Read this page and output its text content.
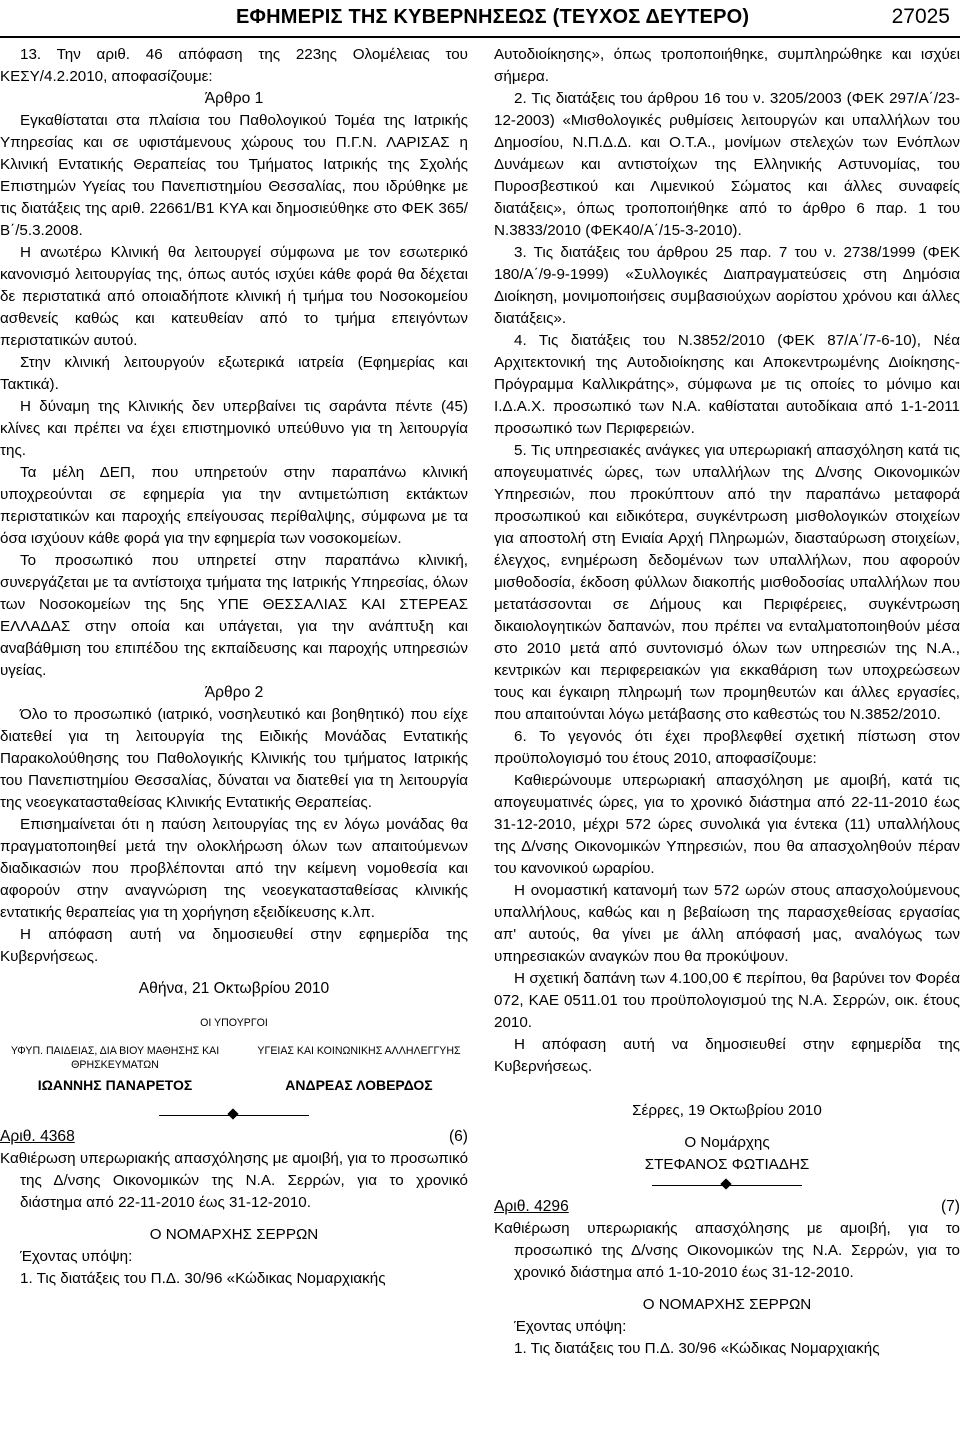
ΕΦΗΜΕΡΙΣ ΤΗΣ ΚΥΒΕΡΝΗΣΕΩΣ (ΤΕΥΧΟΣ ΔΕΥΤΕΡΟ)	27025

13. Την αριθ. 46 απόφαση της 223ης Ολομέλειας του ΚΕΣΥ/4.2.2010, αποφασίζουμε:

Άρθρο 1

Εγκαθίσταται στα πλαίσια του Παθολογικού Τομέα της Ιατρικής Υπηρεσίας και σε υφιστάμενους χώρους του Π.Γ.Ν. ΛΑΡΙΣΑΣ η Κλινική Εντατικής Θεραπείας του Τμήματος Ιατρικής της Σχολής Επιστημών Υγείας του Πανεπιστημίου Θεσσαλίας, που ιδρύθηκε με τις διατάξεις της αριθ. 22661/Β1 ΚΥΑ και δημοσιεύθηκε στο ΦΕΚ 365/Β΄/5.3.2008.

Η ανωτέρω Κλινική θα λειτουργεί σύμφωνα με τον εσωτερικό κανονισμό λειτουργίας της, όπως αυτός ισχύει κάθε φορά θα δέχεται δε περιστατικά από οποιαδήποτε κλινική ή τμήμα του Νοσοκομείου ασθενείς καθώς και κατευθείαν από το τμήμα επειγόντων περιστατικών αυτού.

Στην κλινική λειτουργούν εξωτερικά ιατρεία (Εφημερίας και Τακτικά).

Η δύναμη της Κλινικής δεν υπερβαίνει τις σαράντα πέντε (45) κλίνες και πρέπει να έχει επιστημονικό υπεύθυνο για τη λειτουργία της.

Τα μέλη ΔΕΠ, που υπηρετούν στην παραπάνω κλινική υποχρεούνται σε εφημερία για την αντιμετώπιση εκτάκτων περιστατικών και παροχής επείγουσας περίθαλψης, σύμφωνα με τα όσα ισχύουν κάθε φορά για την εφημερία των νοσοκομείων.

Το προσωπικό που υπηρετεί στην παραπάνω κλινική, συνεργάζεται με τα αντίστοιχα τμήματα της Ιατρικής Υπηρεσίας, όλων των Νοσοκομείων της 5ης ΥΠΕ ΘΕΣΣΑΛΙΑΣ ΚΑΙ ΣΤΕΡΕΑΣ ΕΛΛΑΔΑΣ στην οποία και υπάγεται, για την ανάπτυξη και αναβάθμιση του επιπέδου της εκπαίδευσης και παροχής υπηρεσιών υγείας.

Άρθρο 2

Όλο το προσωπικό (ιατρικό, νοσηλευτικό και βοηθητικό) που είχε διατεθεί για τη λειτουργία της Ειδικής Μονάδας Εντατικής Παρακολούθησης του Παθολογικής Κλινικής του τμήματος Ιατρικής του Πανεπιστημίου Θεσσαλίας, δύναται να διατεθεί για τη λειτουργία της νεοεγκατασταθείσας Κλινικής Εντατικής Θεραπείας.

Επισημαίνεται ότι η παύση λειτουργίας της εν λόγω μονάδας θα πραγματοποιηθεί μετά την ολοκλήρωση όλων των απαιτούμενων διαδικασιών που προβλέπονται από την κείμενη νομοθεσία και αφορούν στην αναγνώριση της νεοεγκατασταθείσας κλινικής εντατικής θεραπείας για τη χορήγηση εξειδίκευσης κ.λπ.

Η απόφαση αυτή να δημοσιευθεί στην εφημερίδα της Κυβερνήσεως.

Αθήνα, 21 Οκτωβρίου 2010
ΟΙ ΥΠΟΥΡΓΟΙ
ΥΦΥΠ. ΠΑΙΔΕΙΑΣ, ΔΙΑ ΒΙΟΥ ΜΑΘΗΣΗΣ ΚΑΙ ΘΡΗΣΚΕΥΜΑΤΩΝ
ΥΓΕΙΑΣ ΚΑΙ ΚΟΙΝΩΝΙΚΗΣ ΑΛΛΗΛΕΓΓΥΗΣ
ΙΩΑΝΝΗΣ ΠΑΝΑΡΕΤΟΣ	ΑΝΔΡΕΑΣ ΛΟΒΕΡΔΟΣ
Αριθ. 4368	(6)

Καθιέρωση υπερωριακής απασχόλησης με αμοιβή, για το προσωπικό της Δ/νσης Οικονομικών της Ν.Α. Σερρών, για το χρονικό διάστημα από 22-11-2010 έως 31-12-2010.

Ο ΝΟΜΑΡΧΗΣ ΣΕΡΡΩΝ

Έχοντας υπόψη:

1. Τις διατάξεις του Π.Δ. 30/96 «Κώδικας Νομαρχιακής

Αυτοδιοίκησης», όπως τροποποιήθηκε, συμπληρώθηκε και ισχύει σήμερα.

2. Τις διατάξεις του άρθρου 16 του ν. 3205/2003 (ΦΕΚ 297/Α΄/23-12-2003) «Μισθολογικές ρυθμίσεις λειτουργών και υπαλλήλων του Δημοσίου, Ν.Π.Δ.Δ. και Ο.Τ.Α., μονίμων στελεχών των Ενόπλων Δυνάμεων και αντιστοίχων της Ελληνικής Αστυνομίας, του Πυροσβεστικού και Λιμενικού Σώματος και άλλες συναφείς διατάξεις», όπως τροποποιήθηκε από το άρθρο 6 παρ. 1 του Ν.3833/2010 (ΦΕΚ40/Α΄/15-3-2010).

3. Τις διατάξεις του άρθρου 25 παρ. 7 του ν. 2738/1999 (ΦΕΚ 180/Α΄/9-9-1999) «Συλλογικές Διαπραγματεύσεις στη Δημόσια Διοίκηση, μονιμοποιήσεις συμβασιούχων αορίστου χρόνου και άλλες διατάξεις».

4. Τις διατάξεις του Ν.3852/2010 (ΦΕΚ 87/Α΄/7-6-10), Νέα Αρχιτεκτονική της Αυτοδιοίκησης και Αποκεντρωμένης Διοίκησης-Πρόγραμμα Καλλικράτης», σύμφωνα με τις οποίες το μόνιμο και Ι.Δ.Α.Χ. προσωπικό των Ν.Α. καθίσταται αυτοδίκαια από 1-1-2011 προσωπικό των Περιφερειών.

5. Τις υπηρεσιακές ανάγκες για υπερωριακή απασχόληση κατά τις απογευματινές ώρες, των υπαλλήλων της Δ/νσης Οικονομικών Υπηρεσιών, που προκύπτουν από την παραπάνω μεταφορά προσωπικού και ειδικότερα, συγκέντρωση μισθολογικών στοιχείων για αποστολή στη Ενιαία Αρχή Πληρωμών, διασταύρωση στοιχείων, έλεγχος, ενημέρωση δεδομένων των υπαλλήλων, που αφορούν μισθοδοσία, έκδοση φύλλων διακοπής μισθοδοσίας υπαλλήλων που μετατάσσονται σε Δήμους και Περιφέρειες, συγκέντρωση δικαιολογητικών δαπανών, που πρέπει να ενταλματοποιηθούν μέσα στο 2010 μετά από συντονισμό όλων των υπηρεσιών της Ν.Α., κεντρικών και περιφερειακών για εκκαθάριση των υποχρεώσεων τους και έγκαιρη πληρωμή των προμηθευτών και άλλες εργασίες, που απαιτούνται λόγω μετάβασης στο καθεστώς του Ν.3852/2010.

6. Το γεγονός ότι έχει προβλεφθεί σχετική πίστωση στον προϋπολογισμό του έτους 2010, αποφασίζουμε:

Καθιερώνουμε υπερωριακή απασχόληση με αμοιβή, κατά τις απογευματινές ώρες, για το χρονικό διάστημα από 22-11-2010 έως 31-12-2010, μέχρι 572 ώρες συνολικά για έντεκα (11) υπαλλήλους της Δ/νσης Οικονομικών Υπηρεσιών, που θα απασχοληθούν πέραν του κανονικού ωραρίου.

Η ονομαστική κατανομή των 572 ωρών στους απασχολούμενους υπαλλήλους, καθώς και η βεβαίωση της παρασχεθείσας εργασίας απ' αυτούς, θα γίνει με άλλη απόφασή μας, αναλόγως των υπηρεσιακών αναγκών που θα προκύψουν.

Η σχετική δαπάνη των 4.100,00 € περίπου, θα βαρύνει τον Φορέα 072, ΚΑΕ 0511.01 του προϋπολογισμού της Ν.Α. Σερρών, οικ. έτους 2010.

Η απόφαση αυτή να δημοσιευθεί στην εφημερίδα της Κυβερνήσεως.

Σέρρες, 19 Οκτωβρίου 2010

Ο Νομάρχης

ΣΤΕΦΑΝΟΣ ΦΩΤΙΑΔΗΣ

Αριθ. 4296	(7)

Καθιέρωση υπερωριακής απασχόλησης με αμοιβή, για το προσωπικό της Δ/νσης Οικονομικών της Ν.Α. Σερρών, για το χρονικό διάστημα από 1-10-2010 έως 31-12-2010.

Ο ΝΟΜΑΡΧΗΣ ΣΕΡΡΩΝ

Έχοντας υπόψη:

1. Τις διατάξεις του Π.Δ. 30/96 «Κώδικας Νομαρχιακής
